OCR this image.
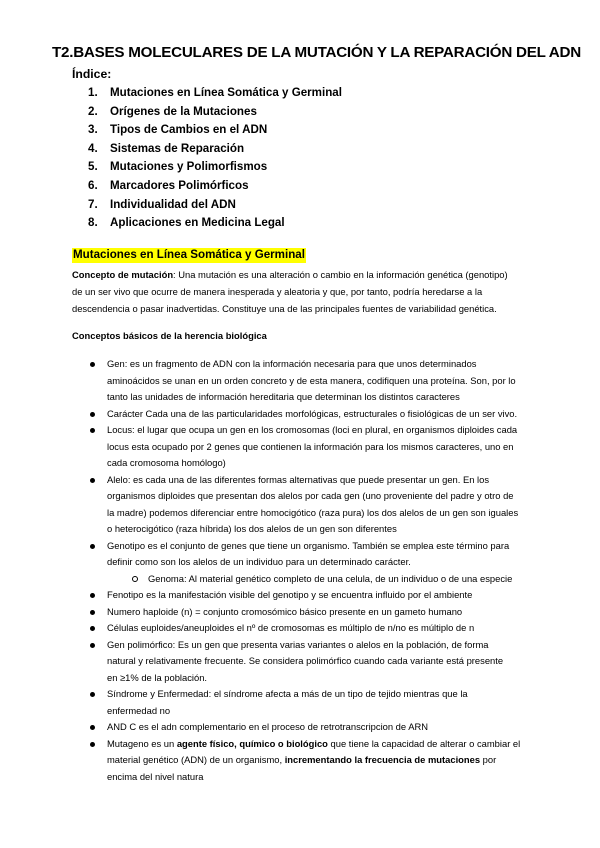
T2.BASES MOLECULARES DE LA MUTACIÓN Y LA REPARACIÓN DEL ADN
Índice:
1. Mutaciones en Línea Somática y Germinal
2. Orígenes de la Mutaciones
3. Tipos de Cambios en el ADN
4. Sistemas de Reparación
5. Mutaciones y Polimorfismos
6. Marcadores Polimórficos
7. Individualidad del ADN
8. Aplicaciones en Medicina Legal
Mutaciones en Línea Somática y Germinal
Concepto de mutación: Una mutación es una alteración o cambio en la información genética (genotipo)
de un ser vivo que ocurre de manera inesperada y aleatoria y que, por tanto, podría heredarse a la
descendencia o pasar inadvertidas. Constituye una de las principales fuentes de variabilidad genética.
Conceptos básicos de la herencia biológica
Gen: es un fragmento de ADN con la información necesaria para que unos determinados
aminoácidos se unan en un orden concreto y de esta manera, codifiquen una proteína. Son, por lo
tanto las unidades de información hereditaria que determinan los distintos caracteres
Carácter Cada una de las particularidades morfológicas, estructurales o fisiológicas de un ser vivo.
Locus: el lugar que ocupa un gen en los cromosomas (loci en plural, en organismos diploides cada
locus esta ocupado por 2 genes que contienen la información para los mismos caracteres, uno en
cada cromosoma homólogo)
Alelo: es cada una de las diferentes formas alternativas que puede presentar un gen. En los
organismos diploides que presentan dos alelos por cada gen (uno proveniente del padre y otro de
la madre) podemos diferenciar entre homocigótico (raza pura) los dos alelos de un gen son iguales
o heterocigótico (raza híbrida) los dos alelos de un gen son diferentes
Genotipo es el conjunto de genes que tiene un organismo. También se emplea este término para
definir como son los alelos de un individuo para un determinado carácter.
Genoma: Al material genético completo de una celula, de un individuo o de una especie
Fenotipo es la manifestación visible del genotipo y se encuentra influido por el ambiente
Numero haploide (n) = conjunto cromosómico básico presente en un gameto humano
Células euploides/aneuploides el nº de cromosomas es múltiplo de n/no es múltiplo de n
Gen polimórfico: Es un gen que presenta varias variantes o alelos en la población, de forma
natural y relativamente frecuente. Se considera polimórfico cuando cada variante está presente
en ≥1% de la población.
Síndrome y Enfermedad: el síndrome afecta a más de un tipo de tejido mientras que la
enfermedad no
AND C es el adn complementario en el proceso de retrotranscripcion de ARN
Mutageno es un agente físico, químico o biológico que tiene la capacidad de alterar o cambiar el
material genético (ADN) de un organismo, incrementando la frecuencia de mutaciones por
encima del nivel natura
